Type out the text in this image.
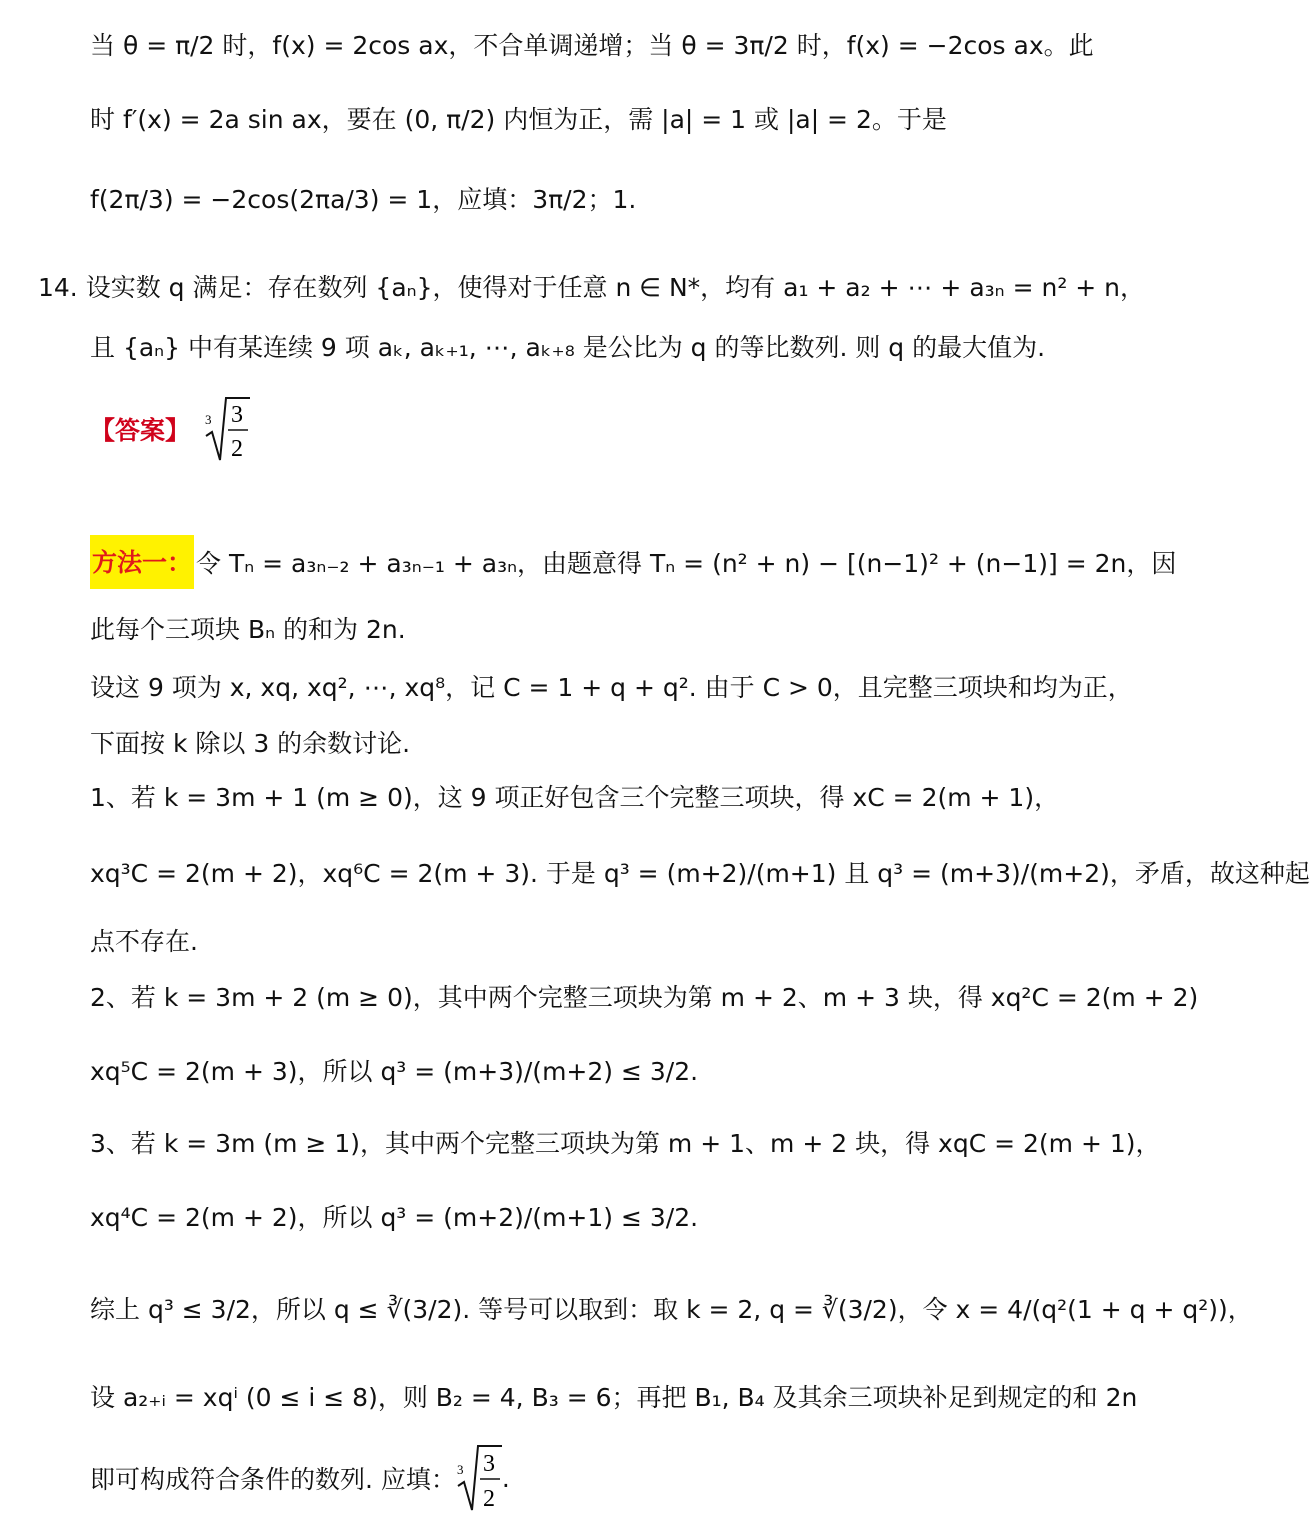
当 θ = π/2 时，f(x) = 2cos ax，不合单调递增；当 θ = 3π/2 时，f(x) = −2cos ax。此
时 f′(x) = 2a sin ax，要在 (0, π/2) 内恒为正，需 |a| = 1 或 |a| = 2。于是
f(2π/3) = −2cos(2πa/3) = 1，应填：3π/2；1.
14. 设实数 q 满足：存在数列 {aₙ}，使得对于任意 n ∈ N*，均有 a₁ + a₂ + ⋯ + a₃ₙ = n² + n，
且 {aₙ} 中有某连续 9 项 aₖ, aₖ₊₁, ⋯, aₖ₊₈ 是公比为 q 的等比数列. 则 q 的最大值为.
【答案】 3 3
2
方法一： 令 Tₙ = a₃ₙ₋₂ + a₃ₙ₋₁ + a₃ₙ，由题意得 Tₙ = (n² + n) − [(n−1)² + (n−1)] = 2n，因
此每个三项块 Bₙ 的和为 2n.
设这 9 项为 x, xq, xq², ⋯, xq⁸，记 C = 1 + q + q². 由于 C > 0，且完整三项块和均为正，
下面按 k 除以 3 的余数讨论.
1、若 k = 3m + 1 (m ≥ 0)，这 9 项正好包含三个完整三项块，得 xC = 2(m + 1)，
xq³C = 2(m + 2)，xq⁶C = 2(m + 3). 于是 q³ = (m+2)/(m+1) 且 q³ = (m+3)/(m+2)，矛盾，故这种起
点不存在.
2、若 k = 3m + 2 (m ≥ 0)，其中两个完整三项块为第 m + 2、m + 3 块，得 xq²C = 2(m + 2)
xq⁵C = 2(m + 3)，所以 q³ = (m+3)/(m+2) ≤ 3/2.
3、若 k = 3m (m ≥ 1)，其中两个完整三项块为第 m + 1、m + 2 块，得 xqC = 2(m + 1)，
xq⁴C = 2(m + 2)，所以 q³ = (m+2)/(m+1) ≤ 3/2.
综上 q³ ≤ 3/2，所以 q ≤ ∛(3/2). 等号可以取到：取 k = 2, q = ∛(3/2)，令 x = 4/(q²(1 + q + q²))，
设 a₂₊ᵢ = xqⁱ (0 ≤ i ≤ 8)，则 B₂ = 4, B₃ = 6；再把 B₁, B₄ 及其余三项块补足到规定的和 2n
即可构成符合条件的数列. 应填： 3 3
2
.
